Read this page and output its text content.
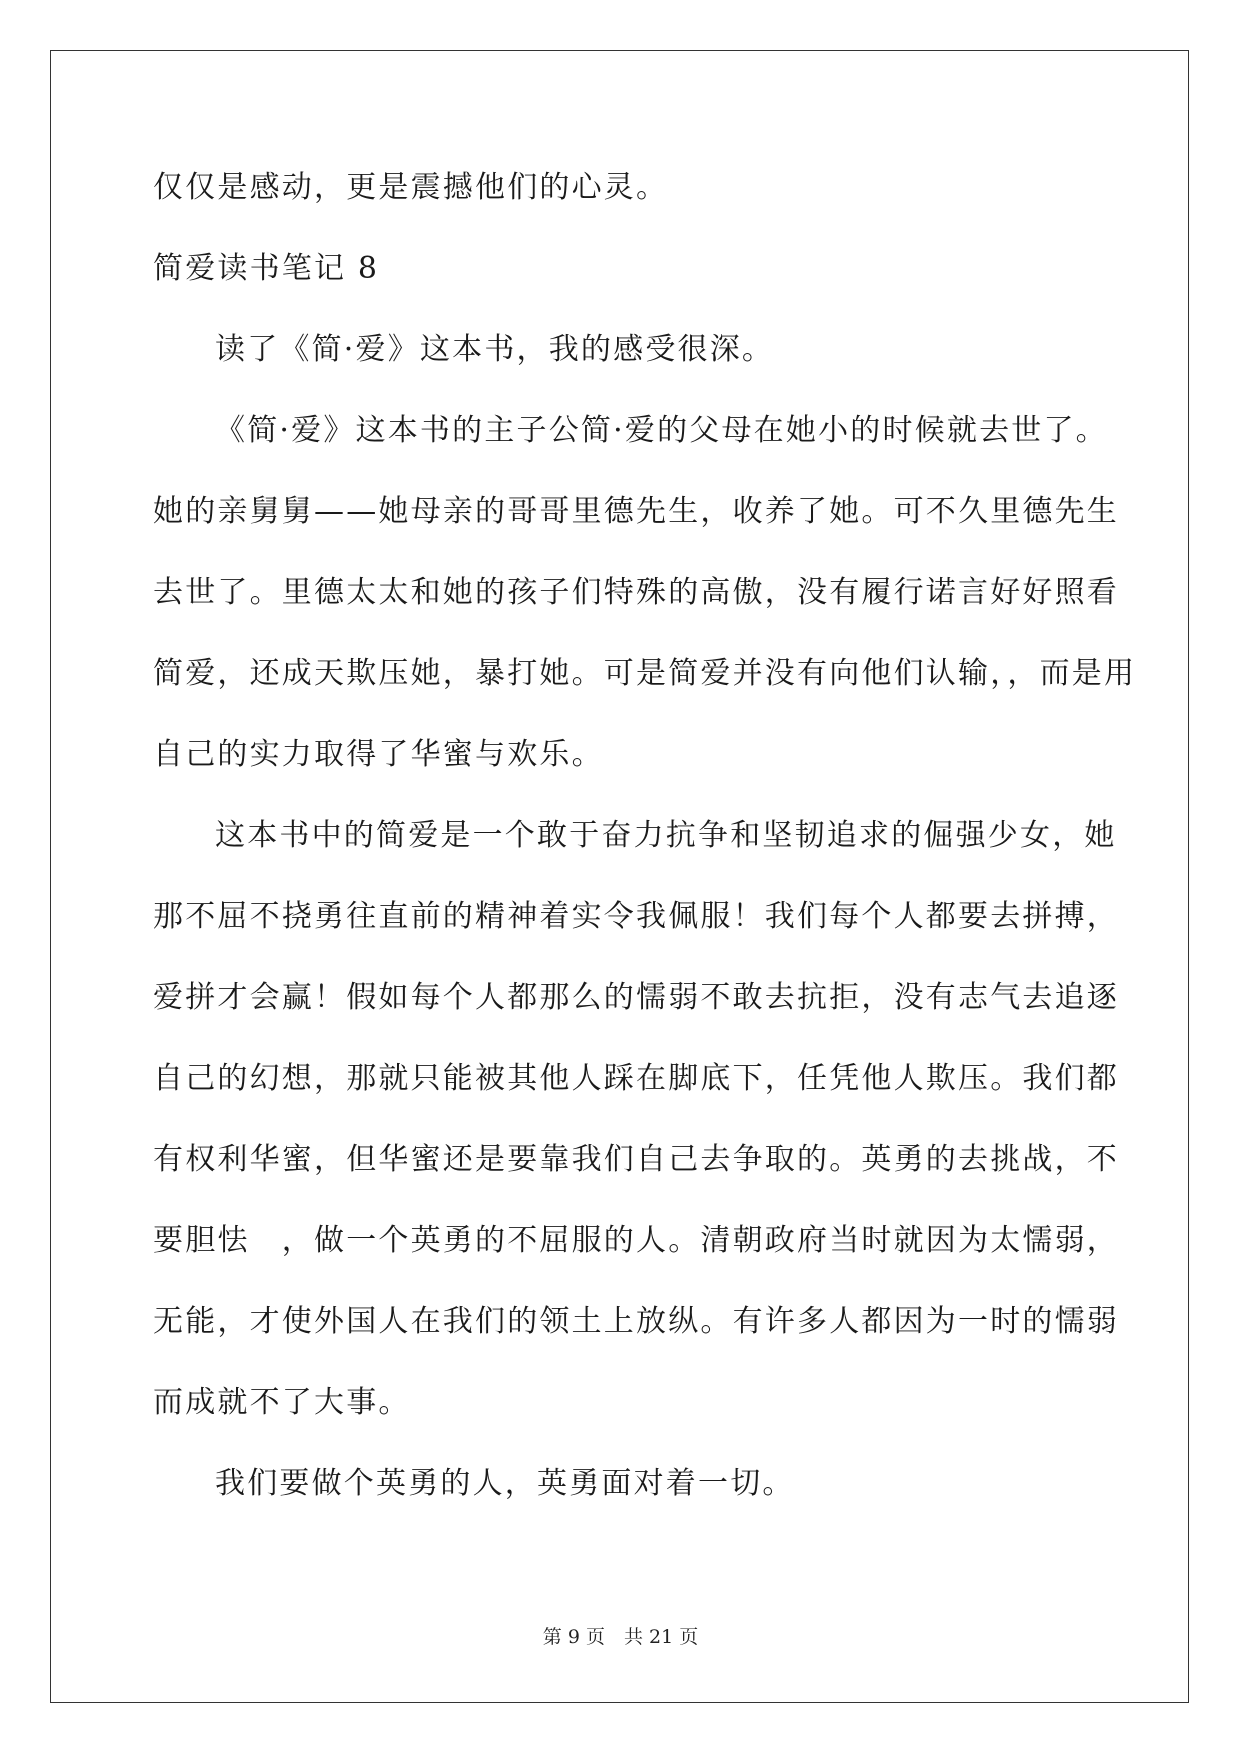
仅仅是感动，更是震撼他们的心灵。
简爱读书笔记 8
读了《简·爱》这本书，我的感受很深。
《简·爱》这本书的主子公简·爱的父母在她小的时候就去世了。
她的亲舅舅——她母亲的哥哥里德先生，收养了她。可不久里德先生
去世了。里德太太和她的孩子们特殊的高傲，没有履行诺言好好照看
简爱，还成天欺压她，暴打她。可是简爱并没有向他们认输，，而是用
自己的实力取得了华蜜与欢乐。
这本书中的简爱是一个敢于奋力抗争和坚韧追求的倔强少女，她
那不屈不挠勇往直前的精神着实令我佩服！我们每个人都要去拼搏，
爱拼才会赢！假如每个人都那么的懦弱不敢去抗拒，没有志气去追逐
自己的幻想，那就只能被其他人踩在脚底下，任凭他人欺压。我们都
有权利华蜜，但华蜜还是要靠我们自己去争取的。英勇的去挑战，不
要胆怯　，做一个英勇的不屈服的人。清朝政府当时就因为太懦弱，
无能，才使外国人在我们的领土上放纵。有许多人都因为一时的懦弱
而成就不了大事。
我们要做个英勇的人，英勇面对着一切。
第 9 页　共 21 页
